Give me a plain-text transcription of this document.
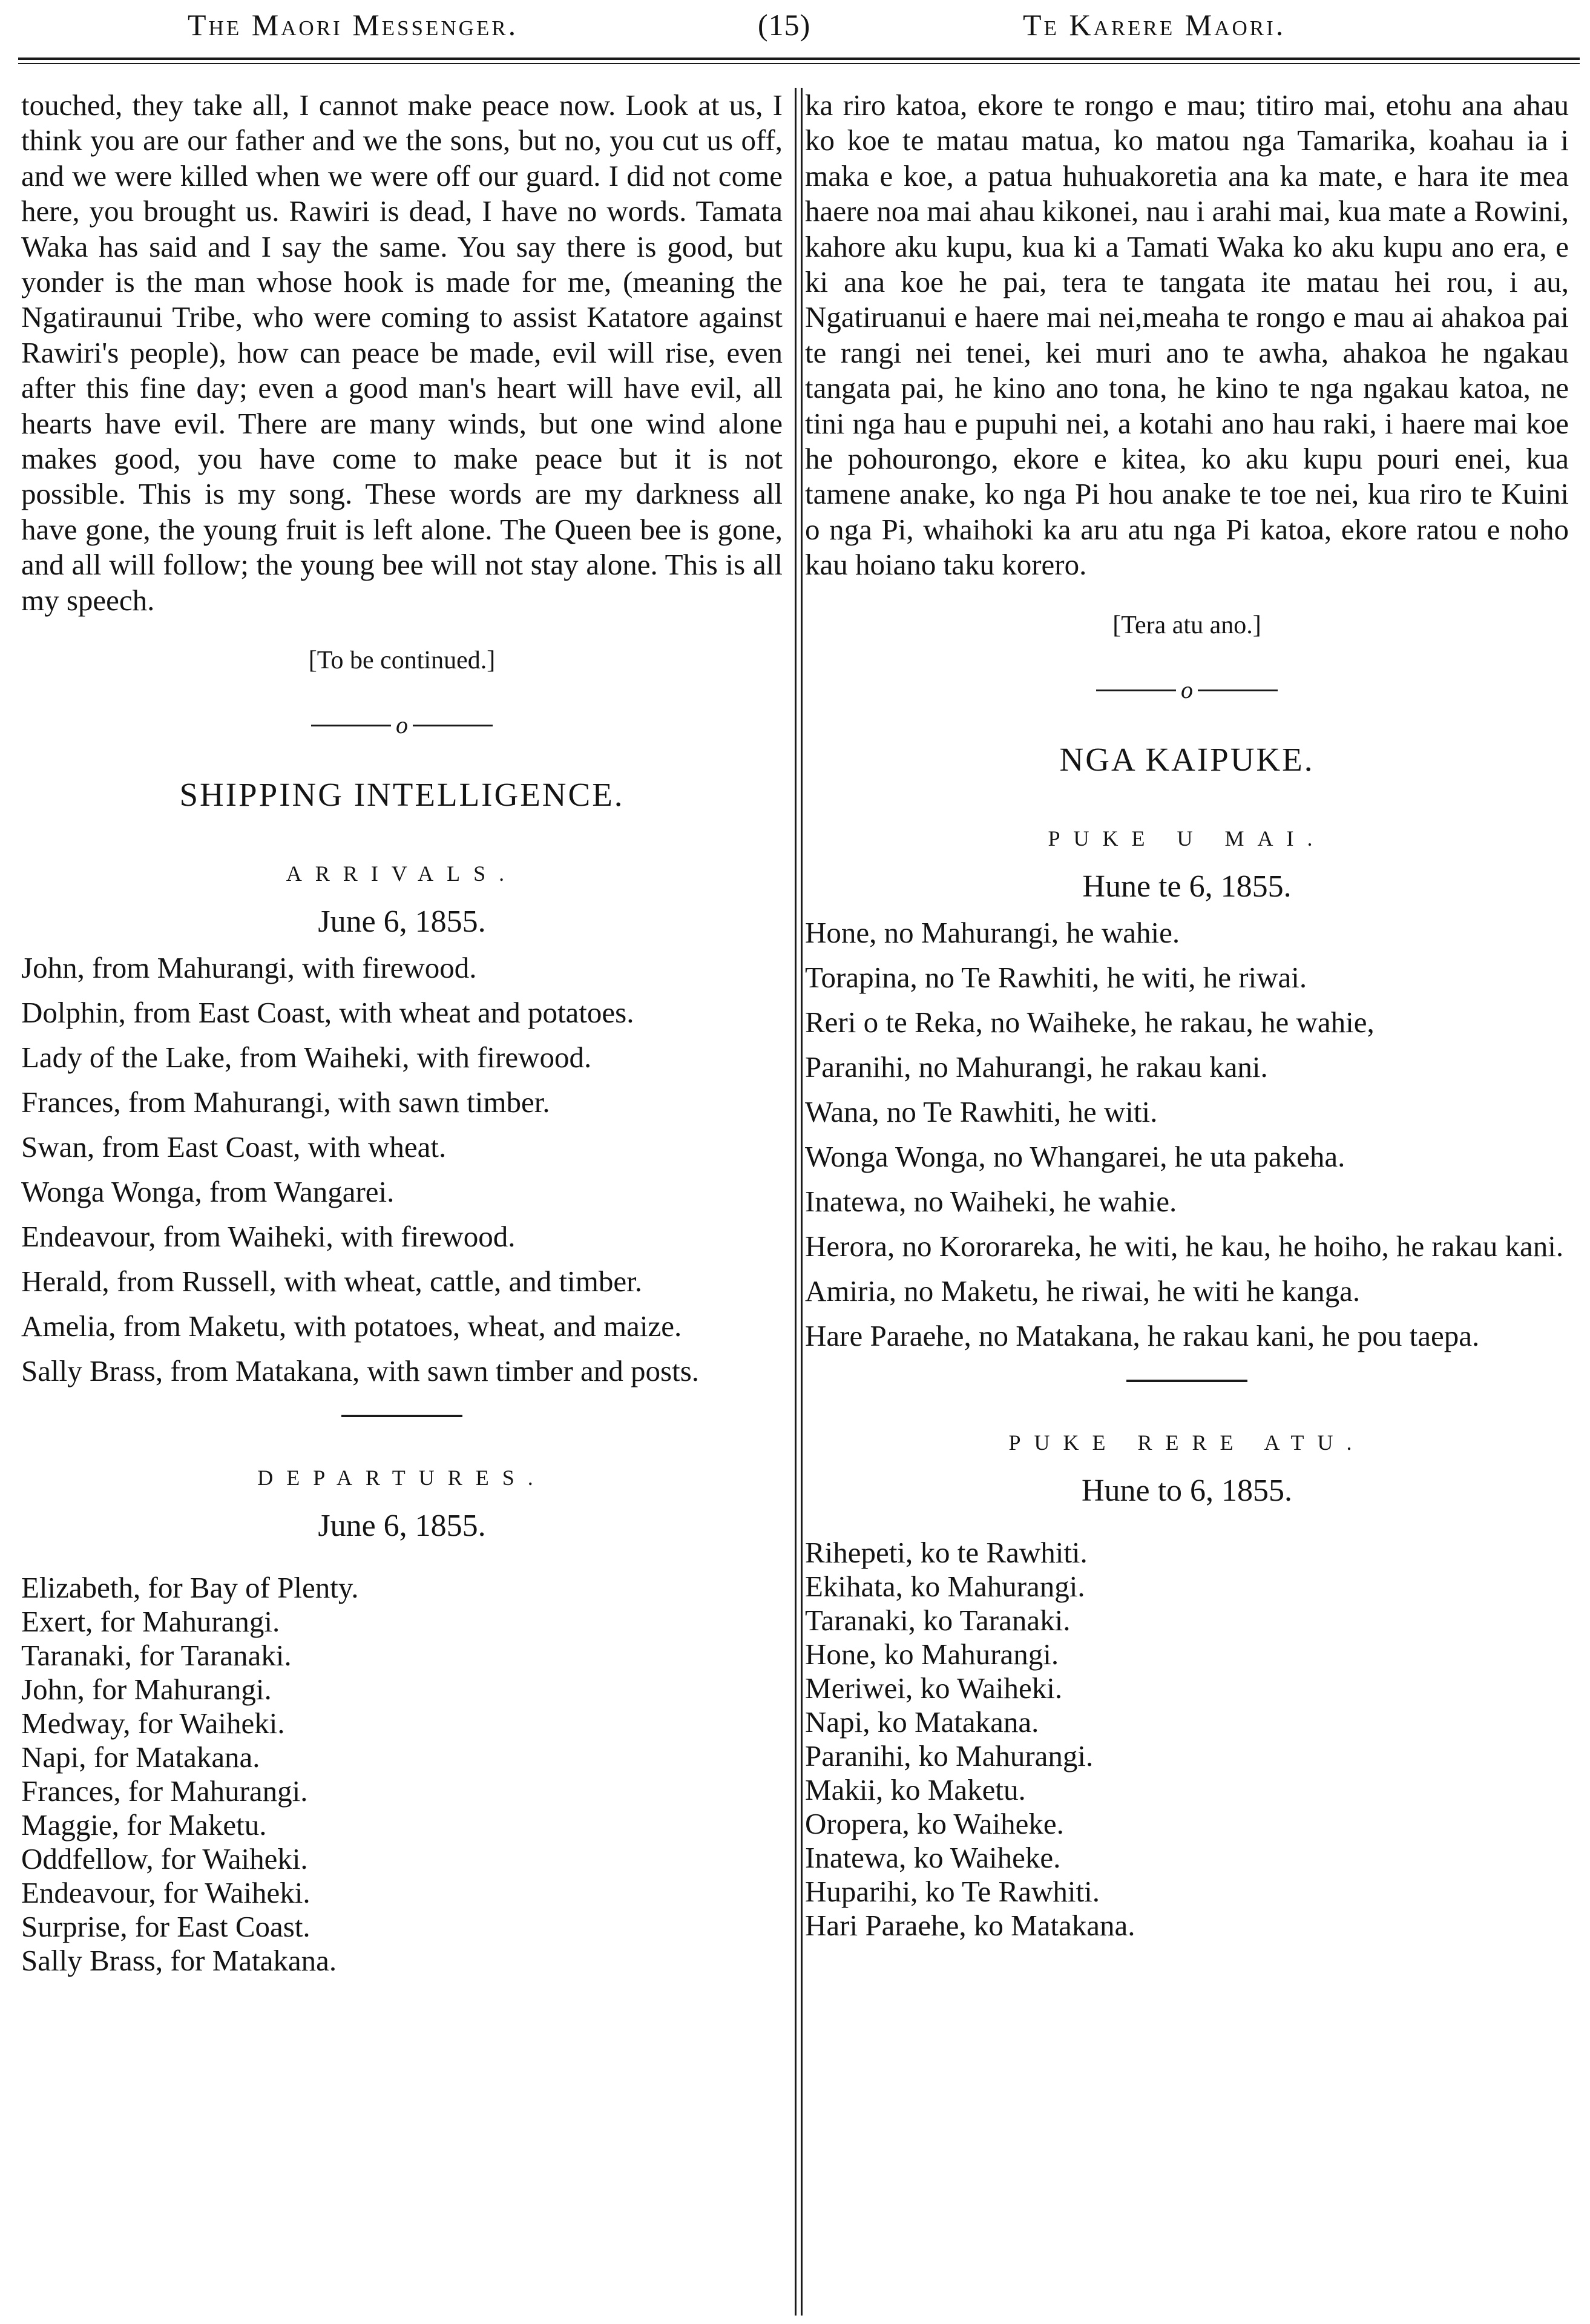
The Maori Messenger.	(15)	Te Karere Maori.

touched, they take all, I cannot make peace now. Look at us, I think you are our father and we the sons, but no, you cut us off, and we were killed when we were off our guard. I did not come here, you brought us. Rawiri is dead, I have no words. Tamata Waka has said and I say the same. You say there is good, but yonder is the man whose hook is made for me, (meaning the Ngatiraunui Tribe, who were coming to assist Katatore against Rawiri's people), how can peace be made, evil will rise, even after this fine day; even a good man's heart will have evil, all hearts have evil. There are many winds, but one wind alone makes good, you have come to make peace but it is not possible. This is my song. These words are my darkness all have gone, the young fruit is left alone. The Queen bee is gone, and all will follow; the young bee will not stay alone. This is all my speech.

[To be continued.]
o
SHIPPING INTELLIGENCE.
ARRIVALS.
June 6, 1855.
John, from Mahurangi, with firewood.
Dolphin, from East Coast, with wheat and potatoes.
Lady of the Lake, from Waiheki, with firewood.
Frances, from Mahurangi, with sawn timber.
Swan, from East Coast, with wheat.
Wonga Wonga, from Wangarei.
Endeavour, from Waiheki, with firewood.
Herald, from Russell, with wheat, cattle, and timber.
Amelia, from Maketu, with potatoes, wheat, and maize.
Sally Brass, from Matakana, with sawn timber and posts.
DEPARTURES.
June 6, 1855.
Elizabeth, for Bay of Plenty.
Exert, for Mahurangi.
Taranaki, for Taranaki.
John, for Mahurangi.
Medway, for Waiheki.
Napi, for Matakana.
Frances, for Mahurangi.
Maggie, for Maketu.
Oddfellow, for Waiheki.
Endeavour, for Waiheki.
Surprise, for East Coast.
Sally Brass, for Matakana.

ka riro katoa, ekore te rongo e mau; titiro mai, etohu ana ahau ko koe te matau matua, ko matou nga Tamarika, koahau ia i maka e koe, a patua huhuakoretia ana ka mate, e hara ite mea haere noa mai ahau kikonei, nau i arahi mai, kua mate a Rowini, kahore aku kupu, kua ki a Tamati Waka ko aku kupu ano era, e ki ana koe he pai, tera te tangata ite matau hei rou, i au, Ngatiruanui e haere mai nei,meaha te rongo e mau ai ahakoa pai te rangi nei tenei, kei muri ano te awha, ahakoa he ngakau tangata pai, he kino ano tona, he kino te nga ngakau katoa, ne tini nga hau e pupuhi nei, a kotahi ano hau raki, i haere mai koe he pohourongo, ekore e kitea, ko aku kupu pouri enei, kua tamene anake, ko nga Pi hou anake te toe nei, kua riro te Kuini o nga Pi, whaihoki ka aru atu nga Pi katoa, ekore ratou e noho kau hoiano taku korero.

[Tera atu ano.]
o
NGA KAIPUKE.
PUKE U MAI.
Hune te 6, 1855.
Hone, no Mahurangi, he wahie.
Torapina, no Te Rawhiti, he witi, he riwai.
Reri o te Reka, no Waiheke, he rakau, he wahie,
Paranihi, no Mahurangi, he rakau kani.
Wana, no Te Rawhiti, he witi.
Wonga Wonga, no Whangarei, he uta pakeha.
Inatewa, no Waiheki, he wahie.
Herora, no Kororareka, he witi, he kau, he hoiho, he rakau kani.
Amiria, no Maketu, he riwai, he witi he kanga.
Hare Paraehe, no Matakana, he rakau kani, he pou taepa.
PUKE RERE ATU.
Hune to 6, 1855.
Rihepeti, ko te Rawhiti.
Ekihata, ko Mahurangi.
Taranaki, ko Taranaki.
Hone, ko Mahurangi.
Meriwei, ko Waiheki.
Napi, ko Matakana.
Paranihi, ko Mahurangi.
Makii, ko Maketu.
Oropera, ko Waiheke.
Inatewa, ko Waiheke.
Huparihi, ko Te Rawhiti.
Hari Paraehe, ko Matakana.
